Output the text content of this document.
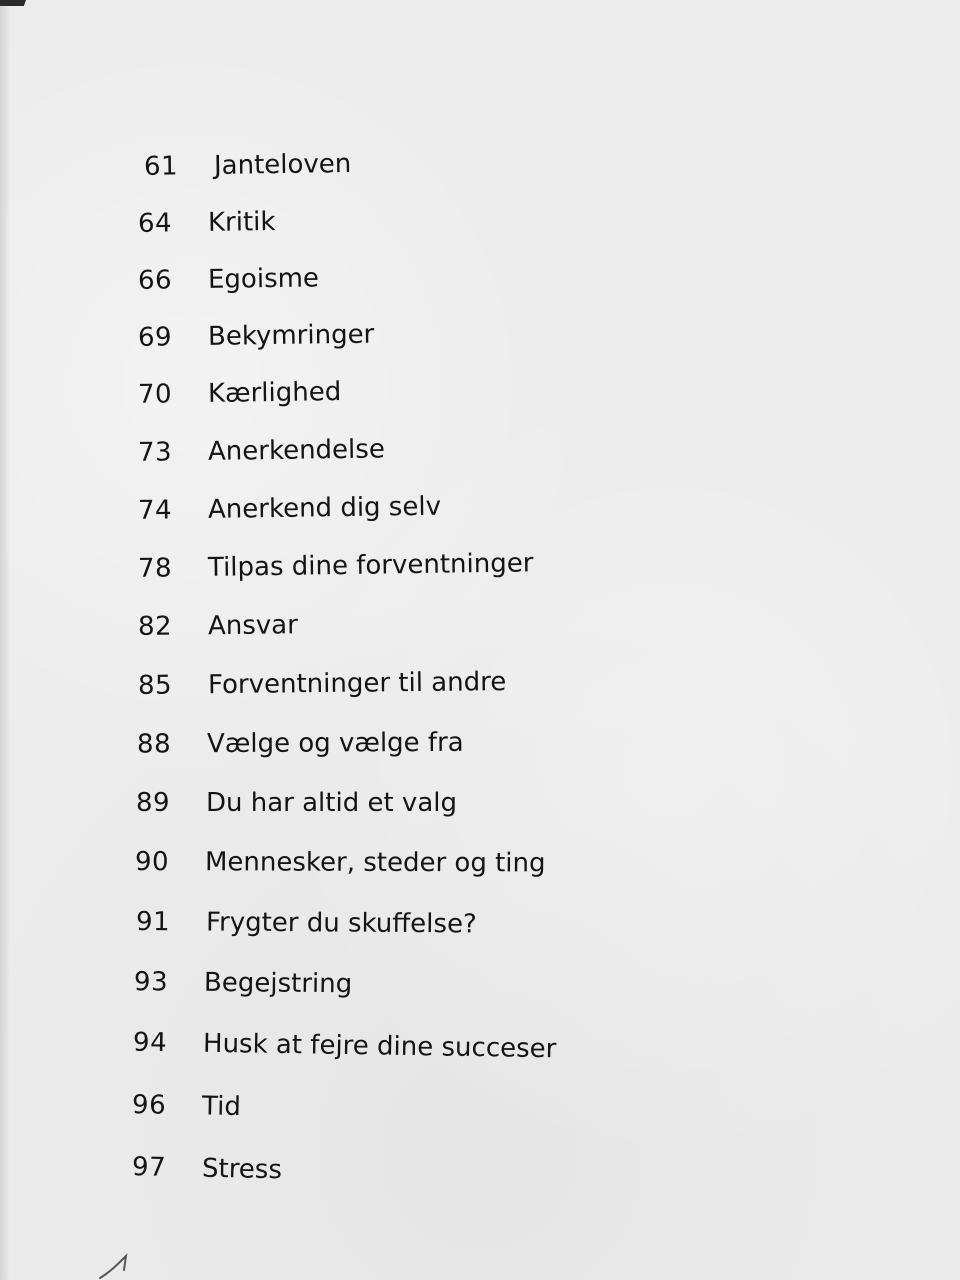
61	Janteloven
64	Kritik
66	Egoisme
69	Bekymringer
70	Kærlighed
73	Anerkendelse
74	Anerkend dig selv
78	Tilpas dine forventninger
82	Ansvar
85	Forventninger til andre
88	Vælge og vælge fra
89	Du har altid et valg
90	Mennesker, steder og ting
91	Frygter du skuffelse?
93	Begejstring
94	Husk at fejre dine succeser
96	Tid
97	Stress
